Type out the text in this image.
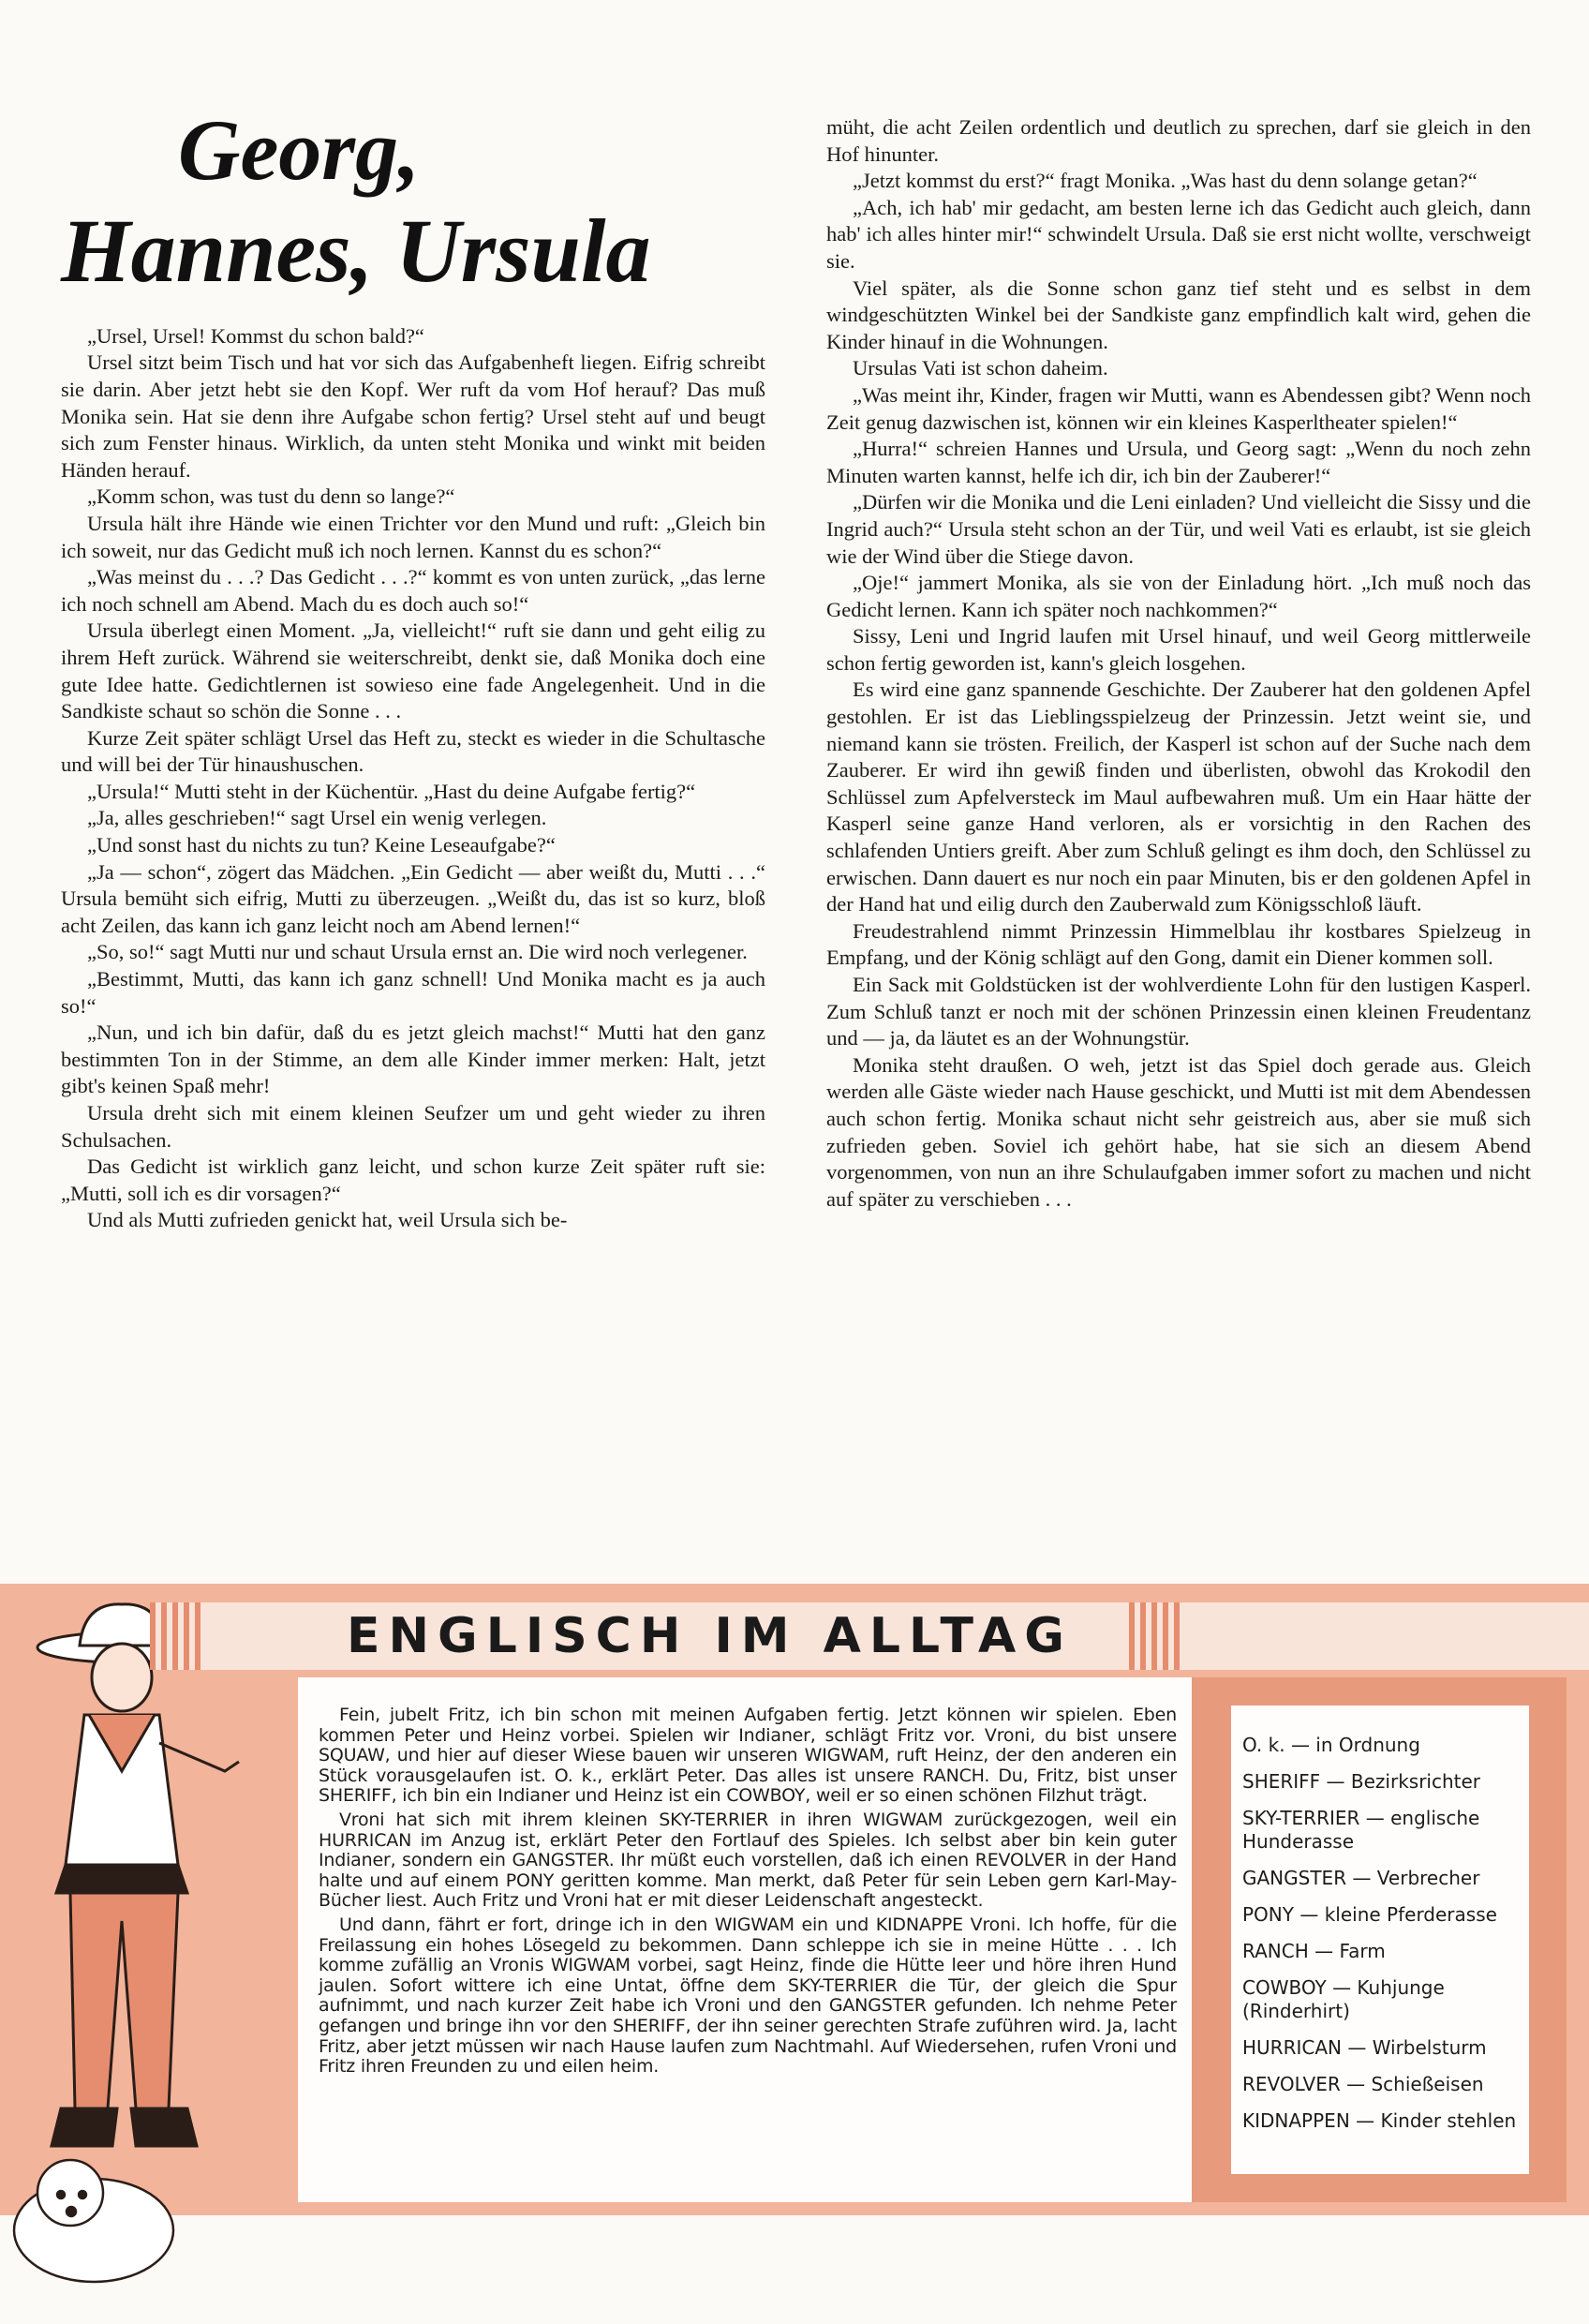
Georg,
Hannes, Ursula

„Ursel, Ursel! Kommst du schon bald?“

Ursel sitzt beim Tisch und hat vor sich das Aufgabenheft liegen. Eifrig schreibt sie darin. Aber jetzt hebt sie den Kopf. Wer ruft da vom Hof herauf? Das muß Monika sein. Hat sie denn ihre Aufgabe schon fertig? Ursel steht auf und beugt sich zum Fenster hinaus. Wirklich, da unten steht Monika und winkt mit beiden Händen herauf.

„Komm schon, was tust du denn so lange?“

Ursula hält ihre Hände wie einen Trichter vor den Mund und ruft: „Gleich bin ich soweit, nur das Gedicht muß ich noch lernen. Kannst du es schon?“

„Was meinst du . . .? Das Gedicht . . .?“ kommt es von unten zurück, „das lerne ich noch schnell am Abend. Mach du es doch auch so!“

Ursula überlegt einen Moment. „Ja, vielleicht!“ ruft sie dann und geht eilig zu ihrem Heft zurück. Während sie weiterschreibt, denkt sie, daß Monika doch eine gute Idee hatte. Gedichtlernen ist sowieso eine fade Angelegenheit. Und in die Sandkiste schaut so schön die Sonne . . .

Kurze Zeit später schlägt Ursel das Heft zu, steckt es wieder in die Schultasche und will bei der Tür hinaushuschen.

„Ursula!“ Mutti steht in der Küchentür. „Hast du deine Aufgabe fertig?“

„Ja, alles geschrieben!“ sagt Ursel ein wenig verlegen.

„Und sonst hast du nichts zu tun? Keine Leseaufgabe?“

„Ja — schon“, zögert das Mädchen. „Ein Gedicht — aber weißt du, Mutti . . .“ Ursula bemüht sich eifrig, Mutti zu überzeugen. „Weißt du, das ist so kurz, bloß acht Zeilen, das kann ich ganz leicht noch am Abend lernen!“

„So, so!“ sagt Mutti nur und schaut Ursula ernst an. Die wird noch verlegener.

„Bestimmt, Mutti, das kann ich ganz schnell! Und Monika macht es ja auch so!“

„Nun, und ich bin dafür, daß du es jetzt gleich machst!“ Mutti hat den ganz bestimmten Ton in der Stimme, an dem alle Kinder immer merken: Halt, jetzt gibt's keinen Spaß mehr!

Ursula dreht sich mit einem kleinen Seufzer um und geht wieder zu ihren Schulsachen.

Das Gedicht ist wirklich ganz leicht, und schon kurze Zeit später ruft sie: „Mutti, soll ich es dir vorsagen?“

Und als Mutti zufrieden genickt hat, weil Ursula sich be-

müht, die acht Zeilen ordentlich und deutlich zu sprechen, darf sie gleich in den Hof hinunter.

„Jetzt kommst du erst?“ fragt Monika. „Was hast du denn solange getan?“

„Ach, ich hab' mir gedacht, am besten lerne ich das Gedicht auch gleich, dann hab' ich alles hinter mir!“ schwindelt Ursula. Daß sie erst nicht wollte, verschweigt sie.

Viel später, als die Sonne schon ganz tief steht und es selbst in dem windgeschützten Winkel bei der Sandkiste ganz empfindlich kalt wird, gehen die Kinder hinauf in die Wohnungen.

Ursulas Vati ist schon daheim.

„Was meint ihr, Kinder, fragen wir Mutti, wann es Abendessen gibt? Wenn noch Zeit genug dazwischen ist, können wir ein kleines Kasperltheater spielen!“

„Hurra!“ schreien Hannes und Ursula, und Georg sagt: „Wenn du noch zehn Minuten warten kannst, helfe ich dir, ich bin der Zauberer!“

„Dürfen wir die Monika und die Leni einladen? Und vielleicht die Sissy und die Ingrid auch?“ Ursula steht schon an der Tür, und weil Vati es erlaubt, ist sie gleich wie der Wind über die Stiege davon.

„Oje!“ jammert Monika, als sie von der Einladung hört. „Ich muß noch das Gedicht lernen. Kann ich später noch nachkommen?“

Sissy, Leni und Ingrid laufen mit Ursel hinauf, und weil Georg mittlerweile schon fertig geworden ist, kann's gleich losgehen.

Es wird eine ganz spannende Geschichte. Der Zauberer hat den goldenen Apfel gestohlen. Er ist das Lieblingsspielzeug der Prinzessin. Jetzt weint sie, und niemand kann sie trösten. Freilich, der Kasperl ist schon auf der Suche nach dem Zauberer. Er wird ihn gewiß finden und überlisten, obwohl das Krokodil den Schlüssel zum Apfelversteck im Maul aufbewahren muß. Um ein Haar hätte der Kasperl seine ganze Hand verloren, als er vorsichtig in den Rachen des schlafenden Untiers greift. Aber zum Schluß gelingt es ihm doch, den Schlüssel zu erwischen. Dann dauert es nur noch ein paar Minuten, bis er den goldenen Apfel in der Hand hat und eilig durch den Zauberwald zum Königsschloß läuft.

Freudestrahlend nimmt Prinzessin Himmelblau ihr kostbares Spielzeug in Empfang, und der König schlägt auf den Gong, damit ein Diener kommen soll.

Ein Sack mit Goldstücken ist der wohlverdiente Lohn für den lustigen Kasperl. Zum Schluß tanzt er noch mit der schönen Prinzessin einen kleinen Freudentanz und — ja, da läutet es an der Wohnungstür.

Monika steht draußen. O weh, jetzt ist das Spiel doch gerade aus. Gleich werden alle Gäste wieder nach Hause geschickt, und Mutti ist mit dem Abendessen auch schon fertig. Monika schaut nicht sehr geistreich aus, aber sie muß sich zufrieden geben. Soviel ich gehört habe, hat sie sich an diesem Abend vorgenommen, von nun an ihre Schulaufgaben immer sofort zu machen und nicht auf später zu verschieben . . .

ENGLISCH IM ALLTAG

Fein, jubelt Fritz, ich bin schon mit meinen Aufgaben fertig. Jetzt können wir spielen. Eben kommen Peter und Heinz vorbei. Spielen wir Indianer, schlägt Fritz vor. Vroni, du bist unsere SQUAW, und hier auf dieser Wiese bauen wir unseren WIGWAM, ruft Heinz, der den anderen ein Stück vorausgelaufen ist. O. k., erklärt Peter. Das alles ist unsere RANCH. Du, Fritz, bist unser SHERIFF, ich bin ein Indianer und Heinz ist ein COWBOY, weil er so einen schönen Filzhut trägt.

Vroni hat sich mit ihrem kleinen SKY-TERRIER in ihren WIGWAM zurückgezogen, weil ein HURRICAN im Anzug ist, erklärt Peter den Fortlauf des Spieles. Ich selbst aber bin kein guter Indianer, sondern ein GANGSTER. Ihr müßt euch vorstellen, daß ich einen REVOLVER in der Hand halte und auf einem PONY geritten komme. Man merkt, daß Peter für sein Leben gern Karl-May-Bücher liest. Auch Fritz und Vroni hat er mit dieser Leidenschaft angesteckt.

Und dann, fährt er fort, dringe ich in den WIGWAM ein und KIDNAPPE Vroni. Ich hoffe, für die Freilassung ein hohes Lösegeld zu bekommen. Dann schleppe ich sie in meine Hütte . . . Ich komme zufällig an Vronis WIGWAM vorbei, sagt Heinz, finde die Hütte leer und höre ihren Hund jaulen. Sofort wittere ich eine Untat, öffne dem SKY-TERRIER die Tür, der gleich die Spur aufnimmt, und nach kurzer Zeit habe ich Vroni und den GANGSTER gefunden. Ich nehme Peter gefangen und bringe ihn vor den SHERIFF, der ihn seiner gerechten Strafe zuführen wird. Ja, lacht Fritz, aber jetzt müssen wir nach Hause laufen zum Nachtmahl. Auf Wiedersehen, rufen Vroni und Fritz ihren Freunden zu und eilen heim.

O. k. — in Ordnung
SHERIFF — Bezirksrichter
SKY-TERRIER — englische Hunderasse
GANGSTER — Verbrecher
PONY — kleine Pferderasse
RANCH — Farm
COWBOY — Kuhjunge (Rinderhirt)
HURRICAN — Wirbelsturm
REVOLVER — Schießeisen
KIDNAPPEN — Kinder stehlen
